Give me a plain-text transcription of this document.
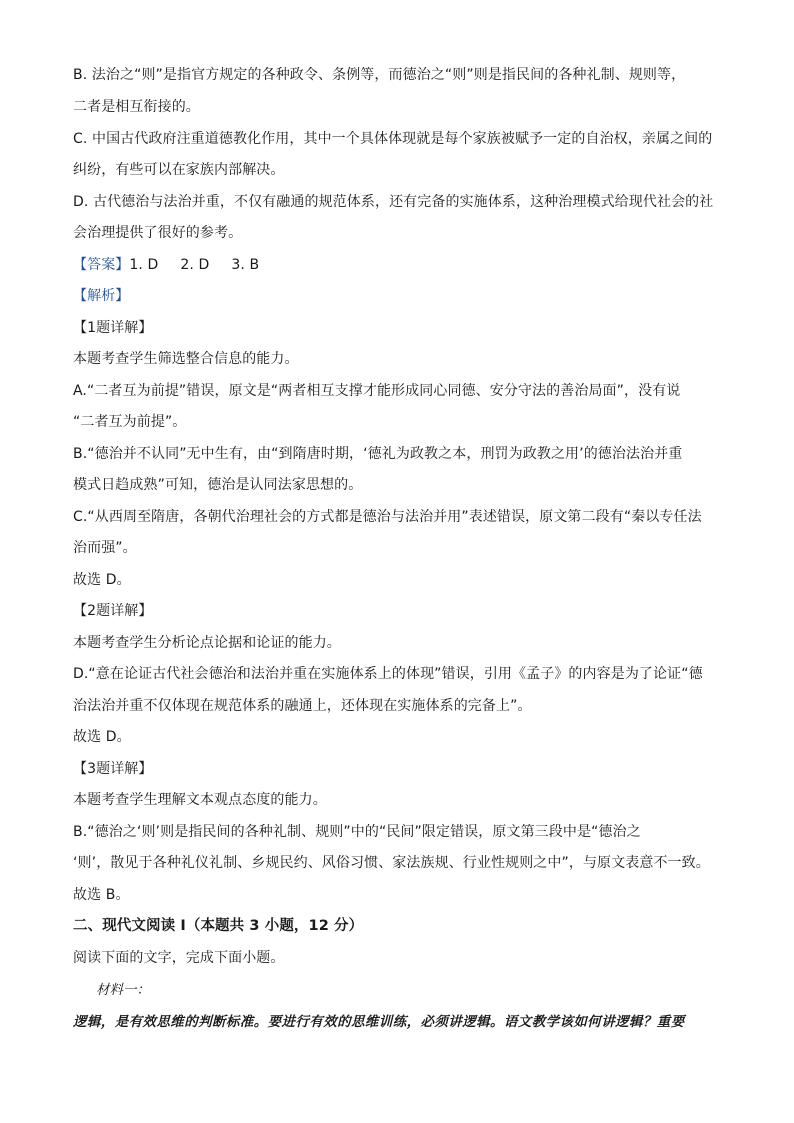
B. 法治之“则”是指官方规定的各种政令、条例等，而德治之“则”则是指民间的各种礼制、规则等，
二者是相互衔接的。
C. 中国古代政府注重道德教化作用，其中一个具体体现就是每个家族被赋予一定的自治权，亲属之间的
纠纷，有些可以在家族内部解决。
D. 古代德治与法治并重，不仅有融通的规范体系，还有完备的实施体系，这种治理模式给现代社会的社
会治理提供了很好的参考。
【答案】1. D 2. D 3. B
【解析】
【1题详解】
本题考查学生筛选整合信息的能力。
A.“二者互为前提”错误，原文是“两者相互支撑才能形成同心同德、安分守法的善治局面”，没有说
“二者互为前提”。
B.“德治并不认同”无中生有，由“到隋唐时期，‘德礼为政教之本，刑罚为政教之用’的德治法治并重
模式日趋成熟”可知，德治是认同法家思想的。
C.“从西周至隋唐，各朝代治理社会的方式都是德治与法治并用”表述错误，原文第二段有“秦以专任法
治而强”。
故选 D。
【2题详解】
本题考查学生分析论点论据和论证的能力。
D.“意在论证古代社会德治和法治并重在实施体系上的体现”错误，引用《孟子》的内容是为了论证“德
治法治并重不仅体现在规范体系的融通上，还体现在实施体系的完备上”。
故选 D。
【3题详解】
本题考查学生理解文本观点态度的能力。
B.“德治之‘则’则是指民间的各种礼制、规则”中的“民间”限定错误，原文第三段中是“德治之
‘则’，散见于各种礼仪礼制、乡规民约、风俗习惯、家法族规、行业性规则之中”，与原文表意不一致。
故选 B。
二、现代文阅读 I（本题共 3 小题，12 分）
阅读下面的文字，完成下面小题。
材料一：
逻辑，是有效思维的判断标准。要进行有效的思维训练，必须讲逻辑。语文教学该如何讲逻辑？重要
